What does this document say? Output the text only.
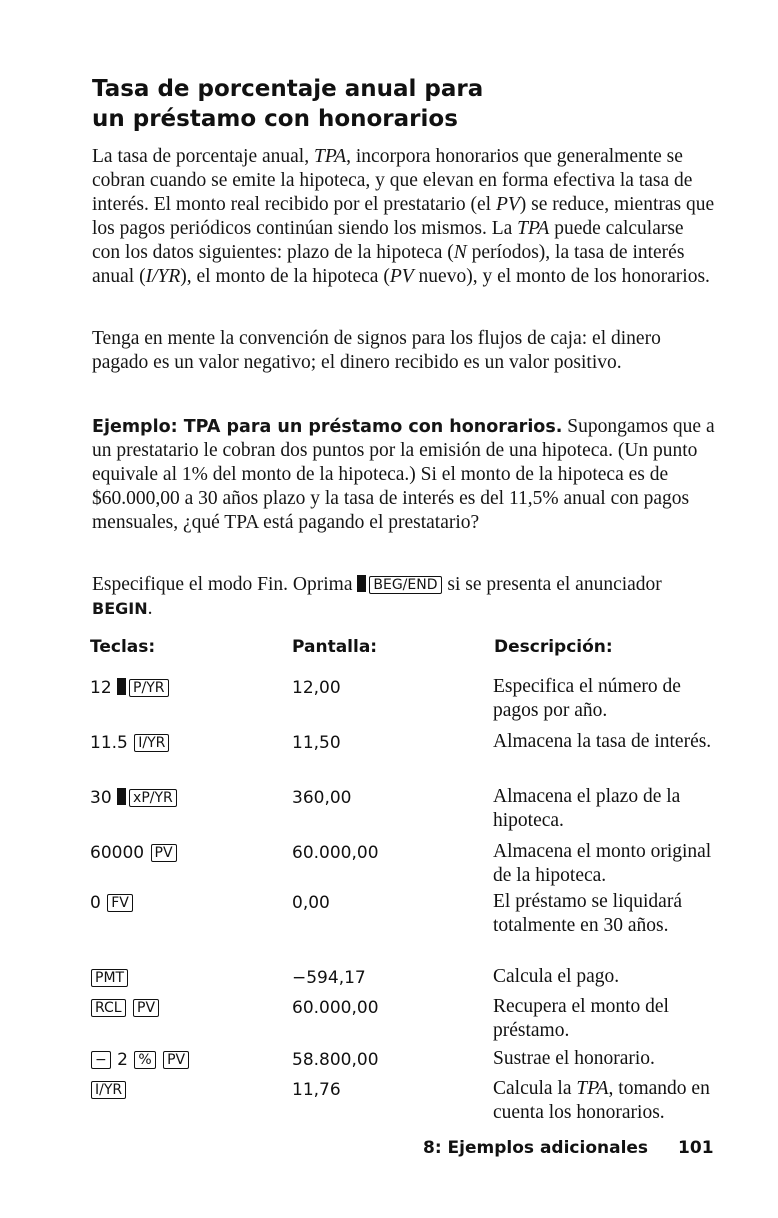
Tasa de porcentaje anual para
un préstamo con honorarios

La tasa de porcentaje anual, TPA, incorpora honorarios que generalmente se cobran cuando se emite la hipoteca, y que elevan en forma efectiva la tasa de interés. El monto real recibido por el prestatario (el PV) se reduce, mientras que los pagos periódicos continúan siendo los mismos. La TPA puede calcularse con los datos siguientes: plazo de la hipoteca (N períodos), la tasa de interés anual (I/YR), el monto de la hipoteca (PV nuevo), y el monto de los honorarios.

Tenga en mente la convención de signos para los flujos de caja: el dinero pagado es un valor negativo; el dinero recibido es un valor positivo.

Ejemplo: TPA para un préstamo con honorarios. Supongamos que a un prestatario le cobran dos puntos por la emisión de una hipoteca. (Un punto equivale al 1% del monto de la hipoteca.) Si el monto de la hipoteca es de $60.000,00 a 30 años plazo y la tasa de interés es del 11,5% anual con pagos mensuales, ¿qué TPA está pagando el prestatario?

Especifique el modo Fin. Oprima BEG/END si se presenta el anunciador BEGIN.

Teclas:	Pantalla:	Descripción:
12 P/YR	12,00	Especifica el número de pagos por año.
11.5 I/YR	11,50	Almacena la tasa de interés.
30 xP/YR	360,00	Almacena el plazo de la hipoteca.
60000 PV	60.000,00	Almacena el monto original de la hipoteca.
0 FV	0,00	El préstamo se liquidará totalmente en 30 años.
PMT	−594,17	Calcula el pago.
RCL PV	60.000,00	Recupera el monto del préstamo.
− 2 % PV	58.800,00	Sustrae el honorario.
I/YR	11,76	Calcula la TPA, tomando en cuenta los honorarios.
8: Ejemplos adicionales 101
